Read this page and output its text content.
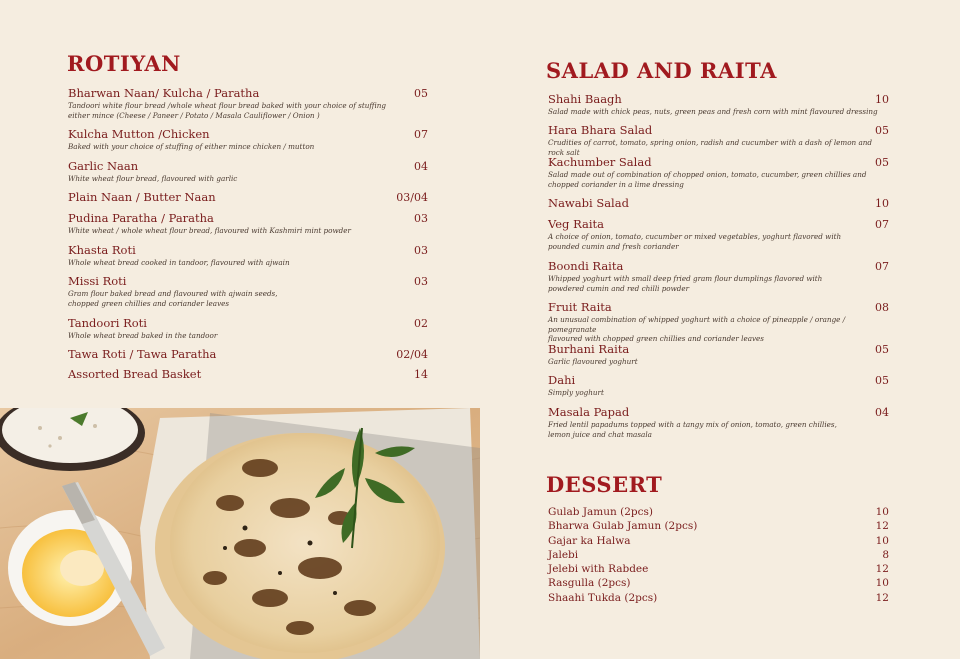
ROTIYAN
Bharwan Naan/ Kulcha / Paratha	05
Tandoori white flour bread /whole wheat flour bread baked with your choice of stuffing
either mince (Cheese / Paneer / Potato / Masala Cauliflower / Onion )
Kulcha Mutton /Chicken	07
Baked with your choice of stuffing of either mince chicken / mutton
Garlic Naan	04
White wheat flour bread, flavoured with garlic
Plain Naan / Butter Naan	03/04
Pudina Paratha / Paratha	03
White wheat / whole wheat flour bread, flavoured with Kashmiri mint powder
Khasta Roti	03
Whole wheat bread cooked in tandoor, flavoured with ajwain
Missi Roti	03
Gram flour baked bread and flavoured with ajwain seeds,
chopped green chillies and coriander leaves
Tandoori Roti	02
Whole wheat bread baked in the tandoor
Tawa Roti / Tawa Paratha	02/04
Assorted Bread Basket	14
SALAD AND RAITA
Shahi Baagh	10
Salad made with chick peas, nuts, green peas and fresh corn with mint flavoured dressing
Hara Bhara Salad	05
Crudities of carrot, tomato, spring onion, radish and cucumber with a dash of lemon and rock salt
Kachumber Salad	05
Salad made out of combination of chopped onion, tomato, cucumber, green chillies and
chopped coriander in a lime dressing
Nawabi Salad	10
Veg Raita	07
A choice of onion, tomato, cucumber or mixed vegetables, yoghurt flavored with
pounded cumin and fresh coriander
Boondi Raita	07
Whipped yoghurt with small deep fried gram flour dumplings flavored with
powdered cumin and red chilli powder
Fruit Raita	08
An unusual combination of whipped yoghurt with a choice of pineapple / orange / pomegranate
flavoured with chopped green chillies and coriander leaves
Burhani Raita	05
Garlic flavoured yoghurt
Dahi	05
Simply yoghurt
Masala Papad	04
Fried lentil papadums topped with a tangy mix of onion, tomato, green chillies,
lemon juice and chat masala
DESSERT
Gulab Jamun (2pcs)	10
Bharwa Gulab Jamun (2pcs)	12
Gajar ka Halwa	10
Jalebi	8
Jelebi with Rabdee	12
Rasgulla (2pcs)	10
Shaahi Tukda (2pcs)	12
